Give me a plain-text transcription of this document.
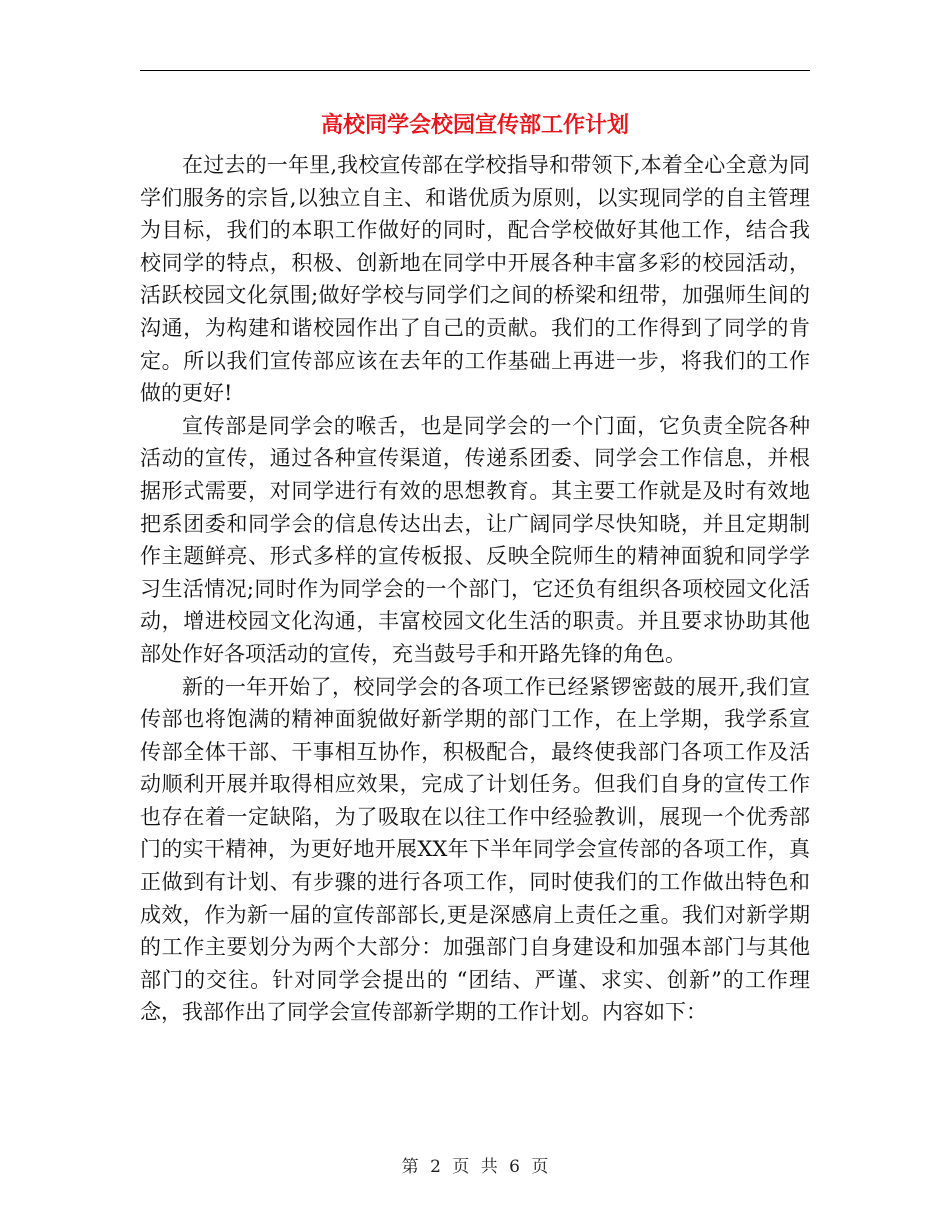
高校同学会校园宣传部工作计划

在过去的一年里,我校宣传部在学校指导和带领下,本着全心全意为同学们服务的宗旨,以独立自主、和谐优质为原则，以实现同学的自主管理为目标，我们的本职工作做好的同时，配合学校做好其他工作，结合我校同学的特点，积极、创新地在同学中开展各种丰富多彩的校园活动，活跃校园文化氛围;做好学校与同学们之间的桥梁和纽带，加强师生间的沟通，为构建和谐校园作出了自己的贡献。我们的工作得到了同学的肯定。所以我们宣传部应该在去年的工作基础上再进一步，将我们的工作做的更好!

宣传部是同学会的喉舌，也是同学会的一个门面，它负责全院各种活动的宣传，通过各种宣传渠道，传递系团委、同学会工作信息，并根据形式需要，对同学进行有效的思想教育。其主要工作就是及时有效地把系团委和同学会的信息传达出去，让广阔同学尽快知晓，并且定期制作主题鲜亮、形式多样的宣传板报、反映全院师生的精神面貌和同学学习生活情况;同时作为同学会的一个部门，它还负有组织各项校园文化活动，增进校园文化沟通，丰富校园文化生活的职责。并且要求协助其他部处作好各项活动的宣传，充当鼓号手和开路先锋的角色。

新的一年开始了，校同学会的各项工作已经紧锣密鼓的展开,我们宣传部也将饱满的精神面貌做好新学期的部门工作，在上学期，我学系宣传部全体干部、干事相互协作，积极配合，最终使我部门各项工作及活动顺利开展并取得相应效果，完成了计划任务。但我们自身的宣传工作也存在着一定缺陷，为了吸取在以往工作中经验教训，展现一个优秀部门的实干精神，为更好地开展XX年下半年同学会宣传部的各项工作，真正做到有计划、有步骤的进行各项工作，同时使我们的工作做出特色和成效，作为新一届的宣传部部长,更是深感肩上责任之重。我们对新学期的工作主要划分为两个大部分：加强部门自身建设和加强本部门与其他部门的交往。针对同学会提出的 “团结、严谨、求实、创新”的工作理念，我部作出了同学会宣传部新学期的工作计划。内容如下：

第 2 页 共 6 页
